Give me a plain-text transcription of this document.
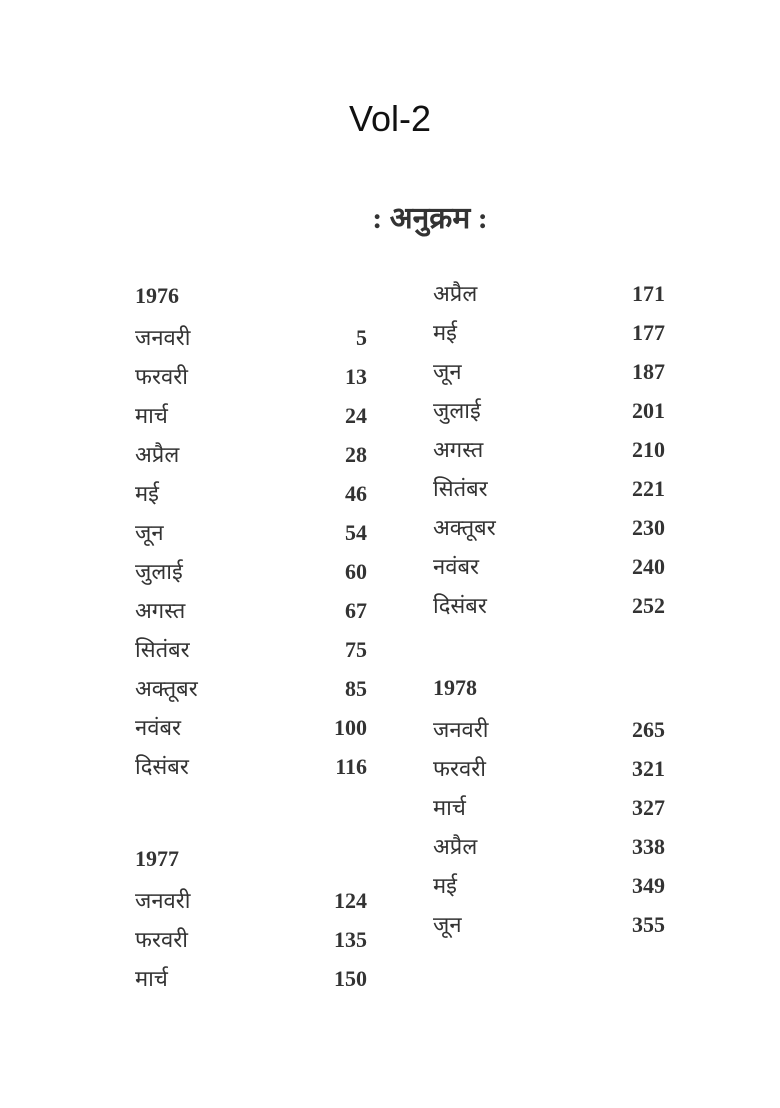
Vol-2
: अनुक्रम :
1976
जनवरी	5
फरवरी	13
मार्च	24
अप्रैल	28
मई	46
जून	54
जुलाई	60
अगस्त	67
सितंबर	75
अक्तूबर	85
नवंबर	100
दिसंबर	116
1977
जनवरी	124
फरवरी	135
मार्च	150
अप्रैल	171
मई	177
जून	187
जुलाई	201
अगस्त	210
सितंबर	221
अक्तूबर	230
नवंबर	240
दिसंबर	252
1978
जनवरी	265
फरवरी	321
मार्च	327
अप्रैल	338
मई	349
जून	355
